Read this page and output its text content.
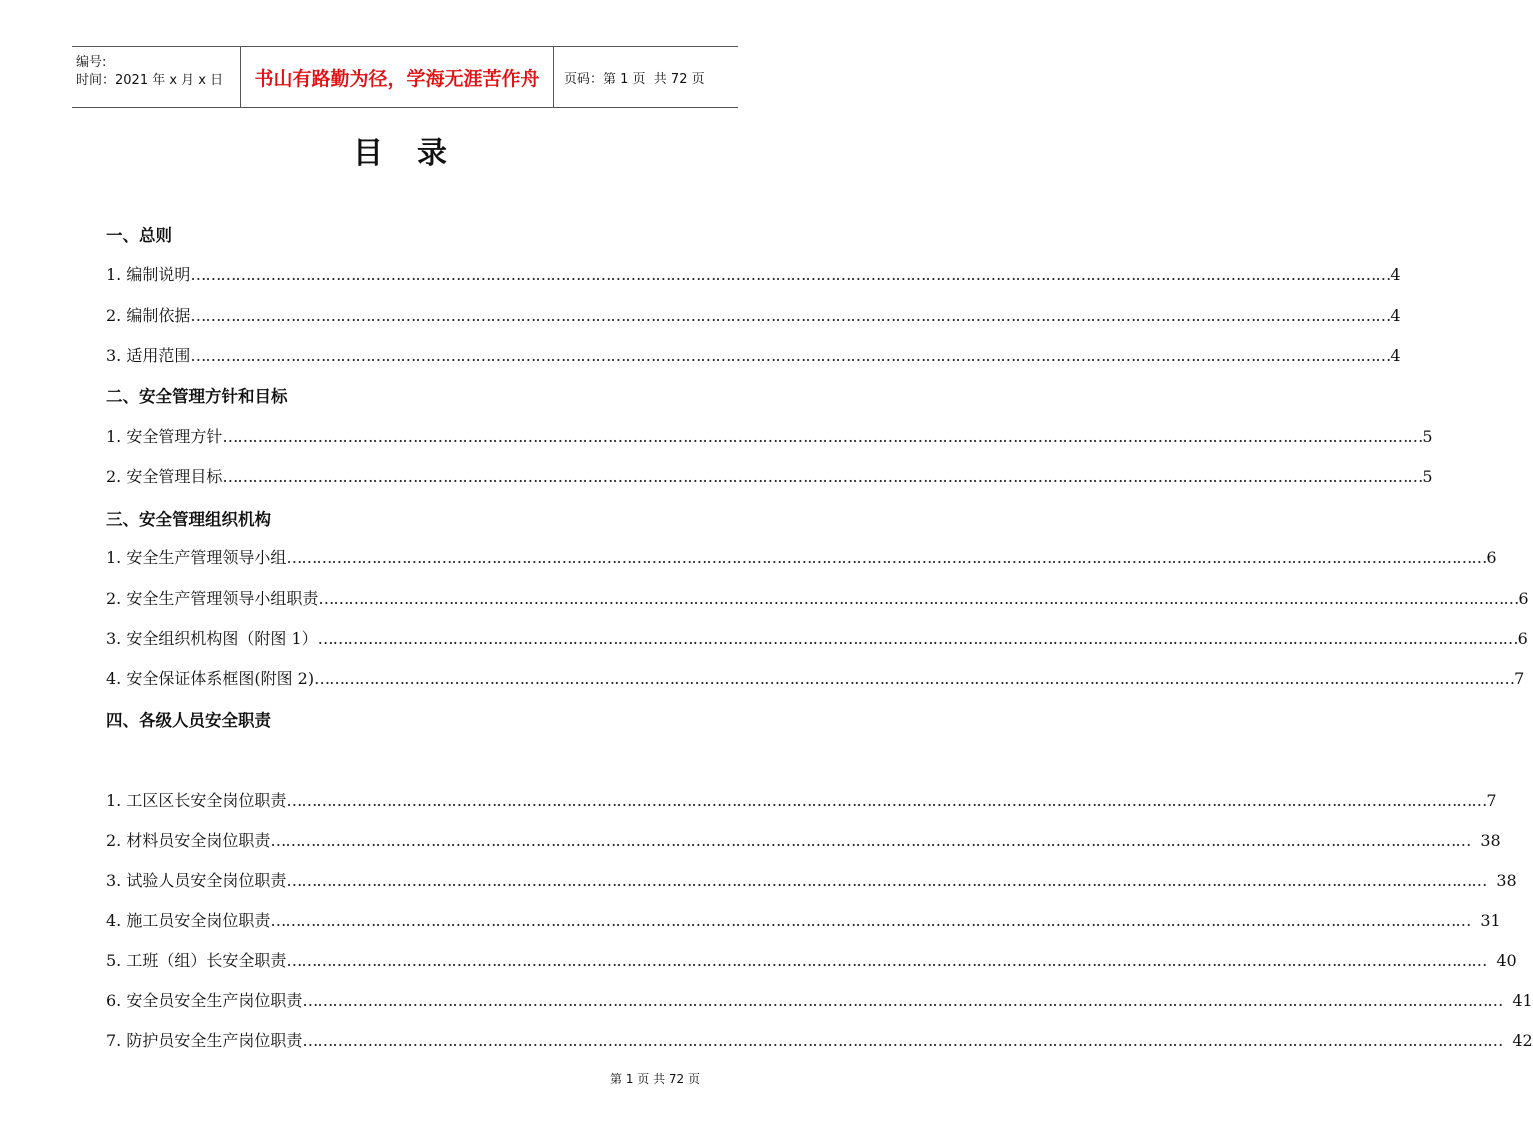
编号:
时间：2021 年 x 月 x 日	书山有路勤为径，学海无涯苦作舟	页码：第 1 页  共 72 页
目录
一、总则
1. 编制说明 …………………………………………………………………………………………………………………………………………………………………………………………………………………… 4
2. 编制依据 …………………………………………………………………………………………………………………………………………………………………………………………………………………… 4
3. 适用范围 …………………………………………………………………………………………………………………………………………………………………………………………………………………… 4
二、安全管理方针和目标
1. 安全管理方针 …………………………………………………………………………………………………………………………………………………………………………………………………………………… 5
2. 安全管理目标 …………………………………………………………………………………………………………………………………………………………………………………………………………………… 5
三、安全管理组织机构
1. 安全生产管理领导小组 …………………………………………………………………………………………………………………………………………………………………………………………………………………… 6
2. 安全生产管理领导小组职责 …………………………………………………………………………………………………………………………………………………………………………………………………………………… 6
3. 安全组织机构图（附图 1） …………………………………………………………………………………………………………………………………………………………………………………………………………………… 6
4. 安全保证体系框图(附图 2) …………………………………………………………………………………………………………………………………………………………………………………………………………………… 7
四、各级人员安全职责
1. 工区区长安全岗位职责 …………………………………………………………………………………………………………………………………………………………………………………………………………………… 7
2. 材料员安全岗位职责 …………………………………………………………………………………………………………………………………………………………………………………………………………………… 38
3. 试验人员安全岗位职责 …………………………………………………………………………………………………………………………………………………………………………………………………………………… 38
4. 施工员安全岗位职责 …………………………………………………………………………………………………………………………………………………………………………………………………………………… 31
5. 工班（组）长安全职责 …………………………………………………………………………………………………………………………………………………………………………………………………………………… 40
6. 安全员安全生产岗位职责 …………………………………………………………………………………………………………………………………………………………………………………………………………………… 41
7. 防护员安全生产岗位职责 …………………………………………………………………………………………………………………………………………………………………………………………………………………… 42
第 1 页 共 72 页
